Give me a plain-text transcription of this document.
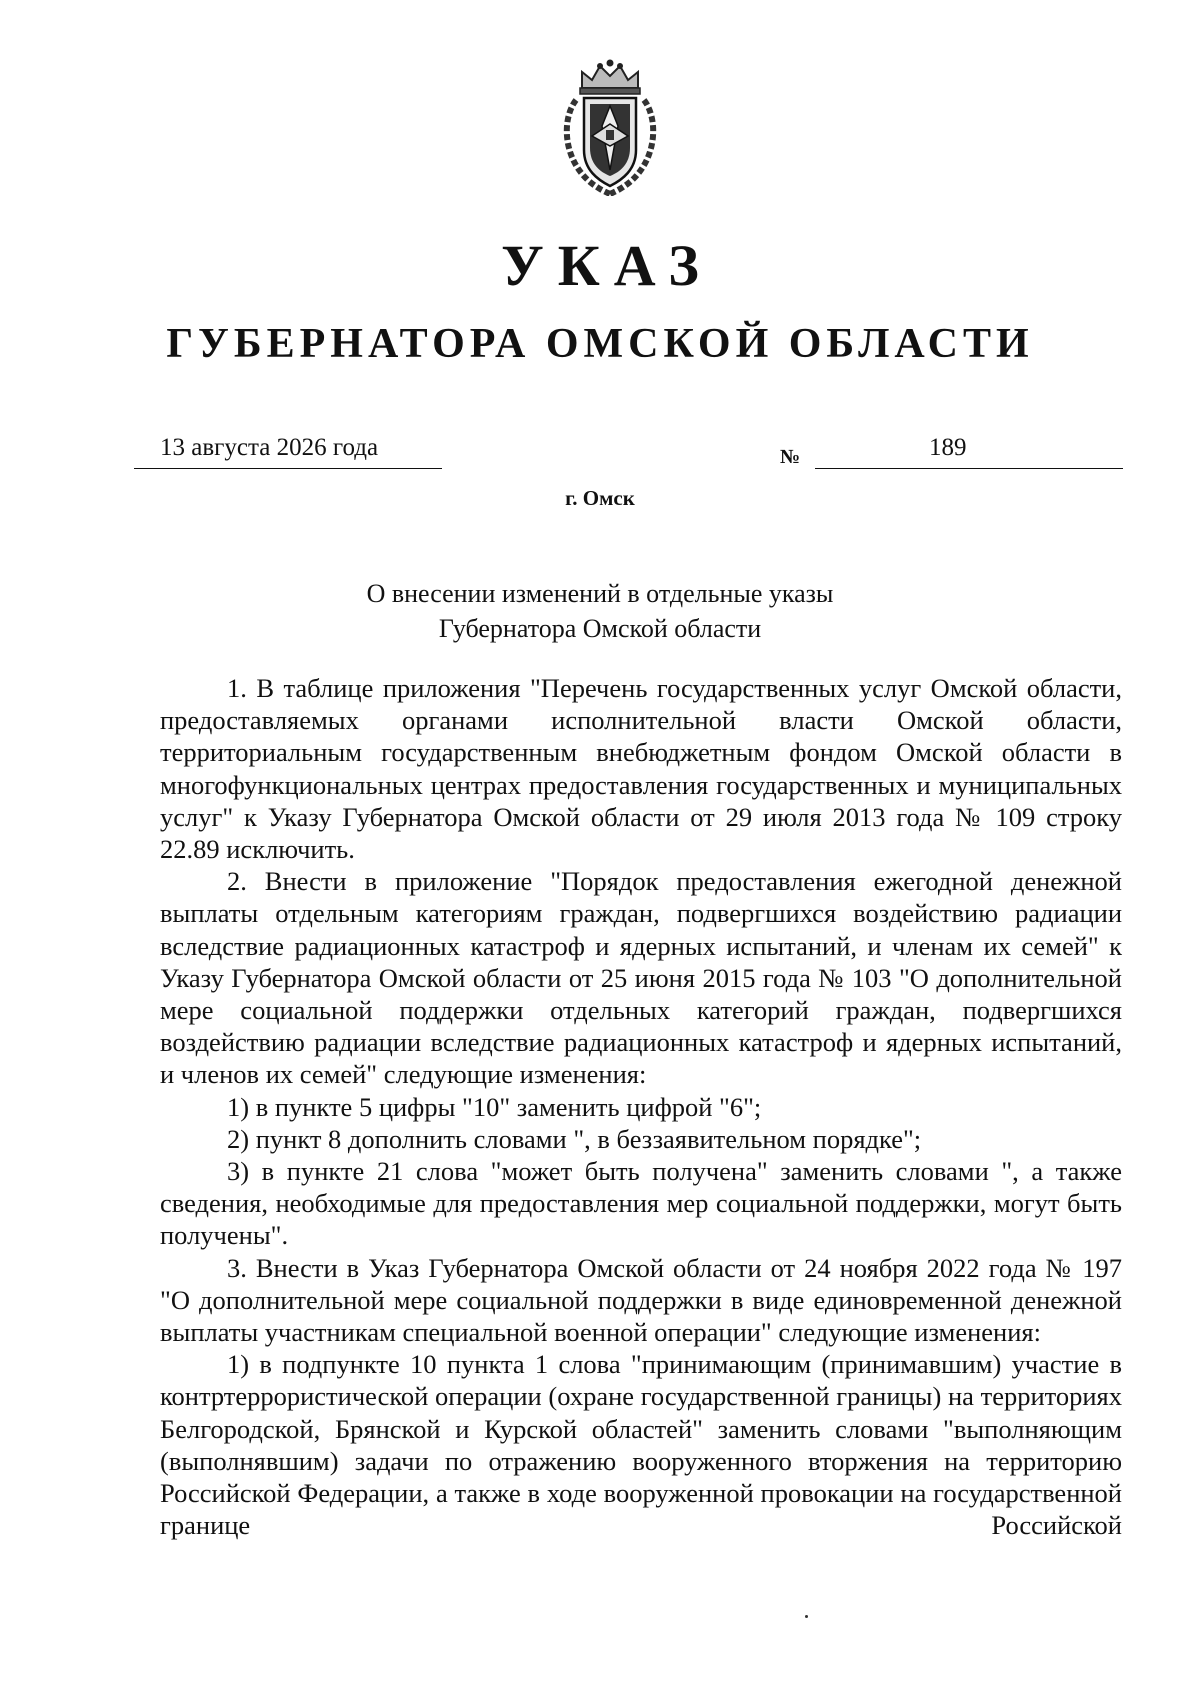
УКАЗ
ГУБЕРНАТОРА ОМСКОЙ ОБЛАСТИ
13 августа 2026 года	№	189
г. Омск
О внесении изменений в отдельные указы
Губернатора Омской области

1. В таблице приложения "Перечень государственных услуг Омской области, предоставляемых органами исполнительной власти Омской области, территориальным государственным внебюджетным фондом Омской области в многофункциональных центрах предоставления государственных и муниципальных услуг" к Указу Губернатора Омской области от 29 июля 2013 года № 109 строку 22.89 исключить.

2. Внести в приложение "Порядок предоставления ежегодной денежной выплаты отдельным категориям граждан, подвергшихся воздействию радиации вследствие радиационных катастроф и ядерных испытаний, и членам их семей" к Указу Губернатора Омской области от 25 июня 2015 года № 103 "О дополнительной мере социальной поддержки отдельных категорий граждан, подвергшихся воздействию радиации вследствие радиационных катастроф и ядерных испытаний, и членов их семей" следующие изменения:

1) в пункте 5 цифры "10" заменить цифрой "6";

2) пункт 8 дополнить словами ", в беззаявительном порядке";

3) в пункте 21 слова "может быть получена" заменить словами ", а также сведения, необходимые для предоставления мер социальной поддержки, могут быть получены".

3. Внести в Указ Губернатора Омской области от 24 ноября 2022 года № 197 "О дополнительной мере социальной поддержки в виде единовременной денежной выплаты участникам специальной военной операции" следующие изменения:

1) в подпункте 10 пункта 1 слова "принимающим (принимавшим) участие в контртеррористической операции (охране государственной границы) на территориях Белгородской, Брянской и Курской областей" заменить словами "выполняющим (выполнявшим) задачи по отражению вооруженного вторжения на территорию Российской Федерации, а также в ходе вооруженной провокации на государственной границе Российской
